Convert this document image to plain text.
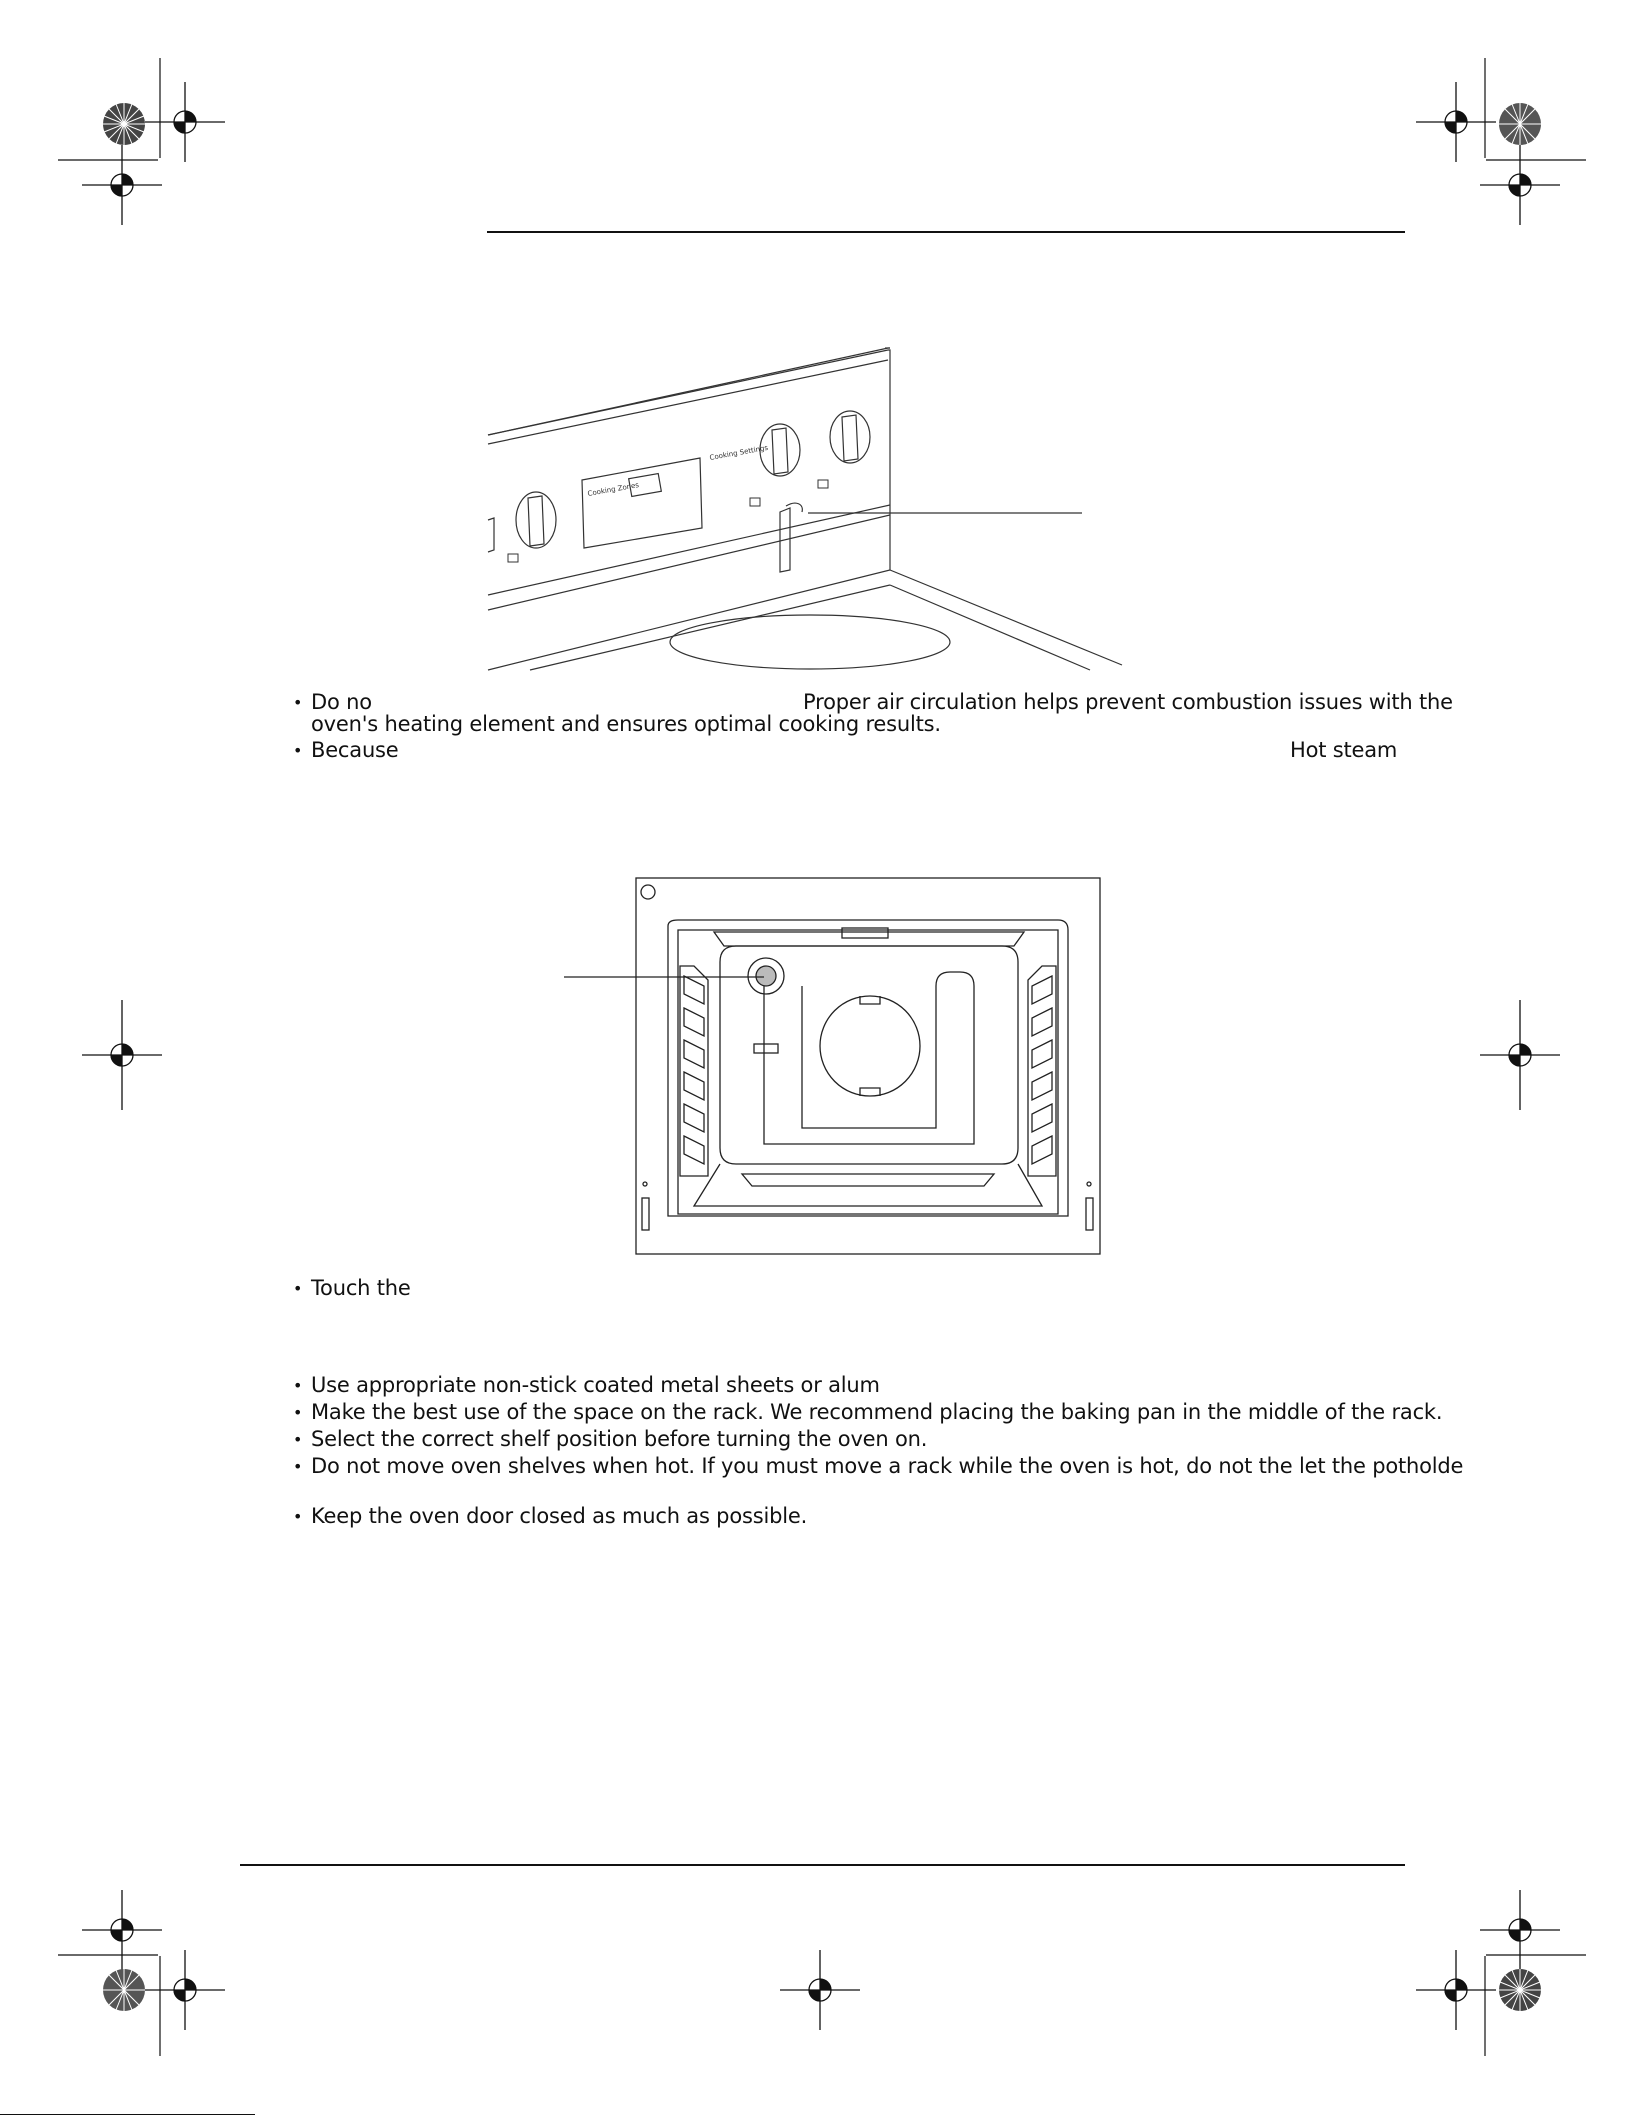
Cooking Zones
Cooking Settings
• Do no	Proper air circulation helps prevent combustion issues with the
oven's heating element and ensures optimal cooking results.
• Because	Hot steam
• Touch the
• Use appropriate non-stick coated metal sheets or alum
• Make the best use of the space on the rack. We recommend placing the baking pan in the middle of the rack.
• Select the correct shelf position before turning the oven on.
• Do not move oven shelves when hot. If you must move a rack while the oven is hot, do not the let the potholde
• Keep the oven door closed as much as possible.
